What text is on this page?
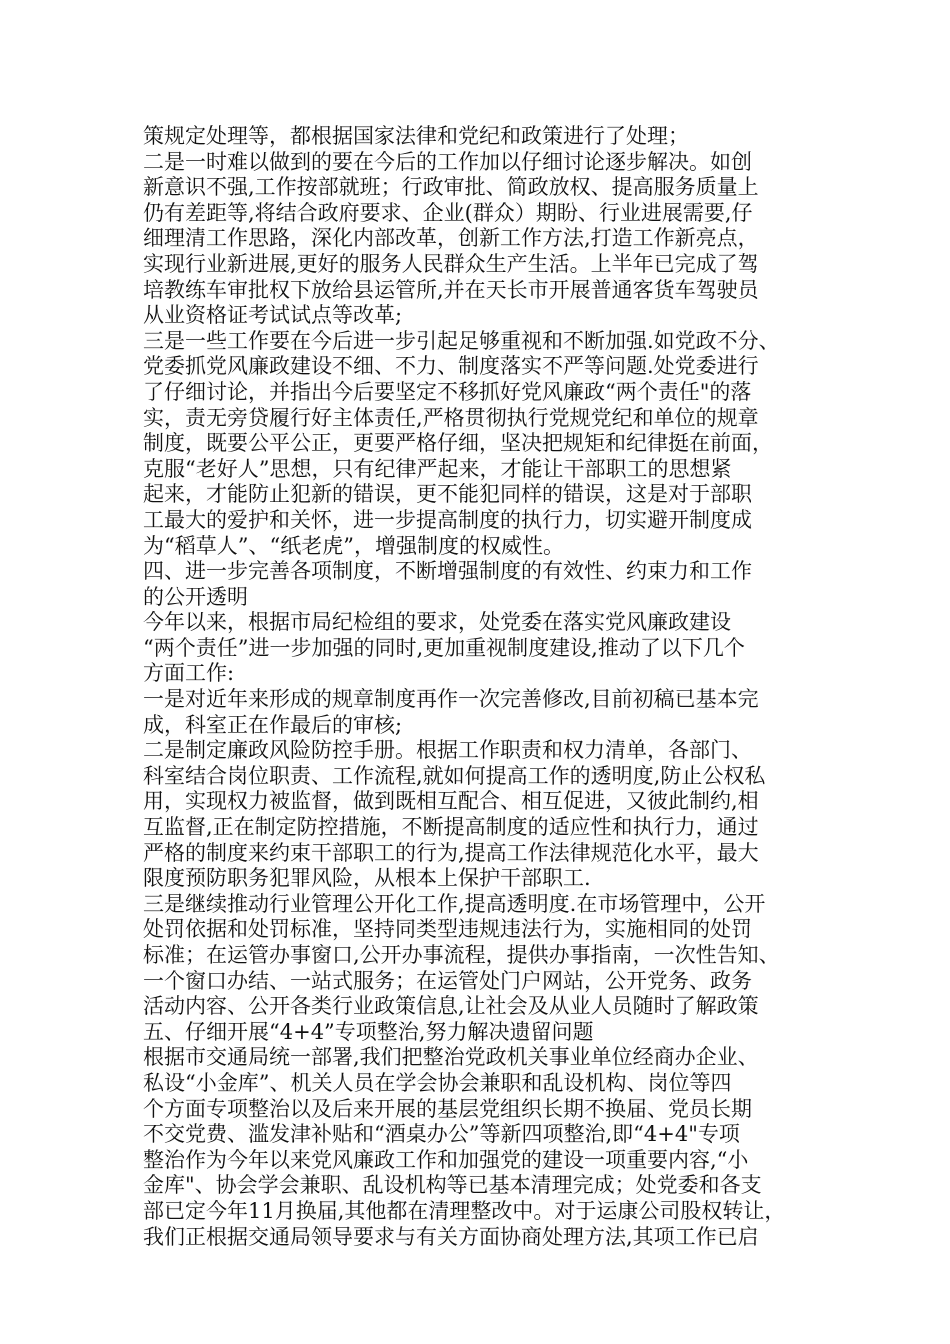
策规定处理等，都根据国家法律和党纪和政策进行了处理；
二是一时难以做到的要在今后的工作加以仔细讨论逐步解决。如创
新意识不强,工作按部就班；行政审批、简政放权、提高服务质量上
仍有差距等,将结合政府要求、企业(群众）期盼、行业进展需要,仔
细理清工作思路，深化内部改革，创新工作方法,打造工作新亮点，
实现行业新进展,更好的服务人民群众生产生活。上半年已完成了驾
培教练车审批权下放给县运管所,并在天长市开展普通客货车驾驶员
从业资格证考试试点等改革;
三是一些工作要在今后进一步引起足够重视和不断加强.如党政不分、
党委抓党风廉政建设不细、不力、制度落实不严等问题.处党委进行
了仔细讨论，并指出今后要坚定不移抓好党风廉政“两个责任"的落
实，责无旁贷履行好主体责任,严格贯彻执行党规党纪和单位的规章
制度，既要公平公正，更要严格仔细，坚决把规矩和纪律挺在前面，
克服“老好人”思想，只有纪律严起来，才能让干部职工的思想紧
起来，才能防止犯新的错误，更不能犯同样的错误，这是对于部职
工最大的爱护和关怀，进一步提高制度的执行力，切实避开制度成
为“稻草人”、“纸老虎”，增强制度的权威性。
四、进一步完善各项制度，不断增强制度的有效性、约束力和工作
的公开透明
今年以来，根据市局纪检组的要求，处党委在落实党风廉政建设
“两个责任”进一步加强的同时,更加重视制度建设,推动了以下几个
方面工作:
一是对近年来形成的规章制度再作一次完善修改,目前初稿已基本完
成，科室正在作最后的审核;
二是制定廉政风险防控手册。根据工作职责和权力清单，各部门、
科室结合岗位职责、工作流程,就如何提高工作的透明度,防止公权私
用，实现权力被监督，做到既相互配合、相互促进，又彼此制约,相
互监督,正在制定防控措施，不断提高制度的适应性和执行力，通过
严格的制度来约束干部职工的行为,提高工作法律规范化水平，最大
限度预防职务犯罪风险，从根本上保护干部职工.
三是继续推动行业管理公开化工作,提高透明度.在市场管理中，公开
处罚依据和处罚标准，坚持同类型违规违法行为，实施相同的处罚
标准；在运管办事窗口,公开办事流程，提供办事指南，一次性告知、
一个窗口办结、一站式服务；在运管处门户网站，公开党务、政务
活动内容、公开各类行业政策信息,让社会及从业人员随时了解政策
五、仔细开展“4+4”专项整治,努力解决遗留问题
根据市交通局统一部署,我们把整治党政机关事业单位经商办企业、
私设“小金库”、机关人员在学会协会兼职和乱设机构、岗位等四
个方面专项整治以及后来开展的基层党组织长期不换届、党员长期
不交党费、滥发津补贴和“酒桌办公”等新四项整治,即“4+4"专项
整治作为今年以来党风廉政工作和加强党的建设一项重要内容,“小
金库"、协会学会兼职、乱设机构等已基本清理完成；处党委和各支
部已定今年11月换届,其他都在清理整改中。对于运康公司股权转让，
我们正根据交通局领导要求与有关方面协商处理方法,其项工作已启
